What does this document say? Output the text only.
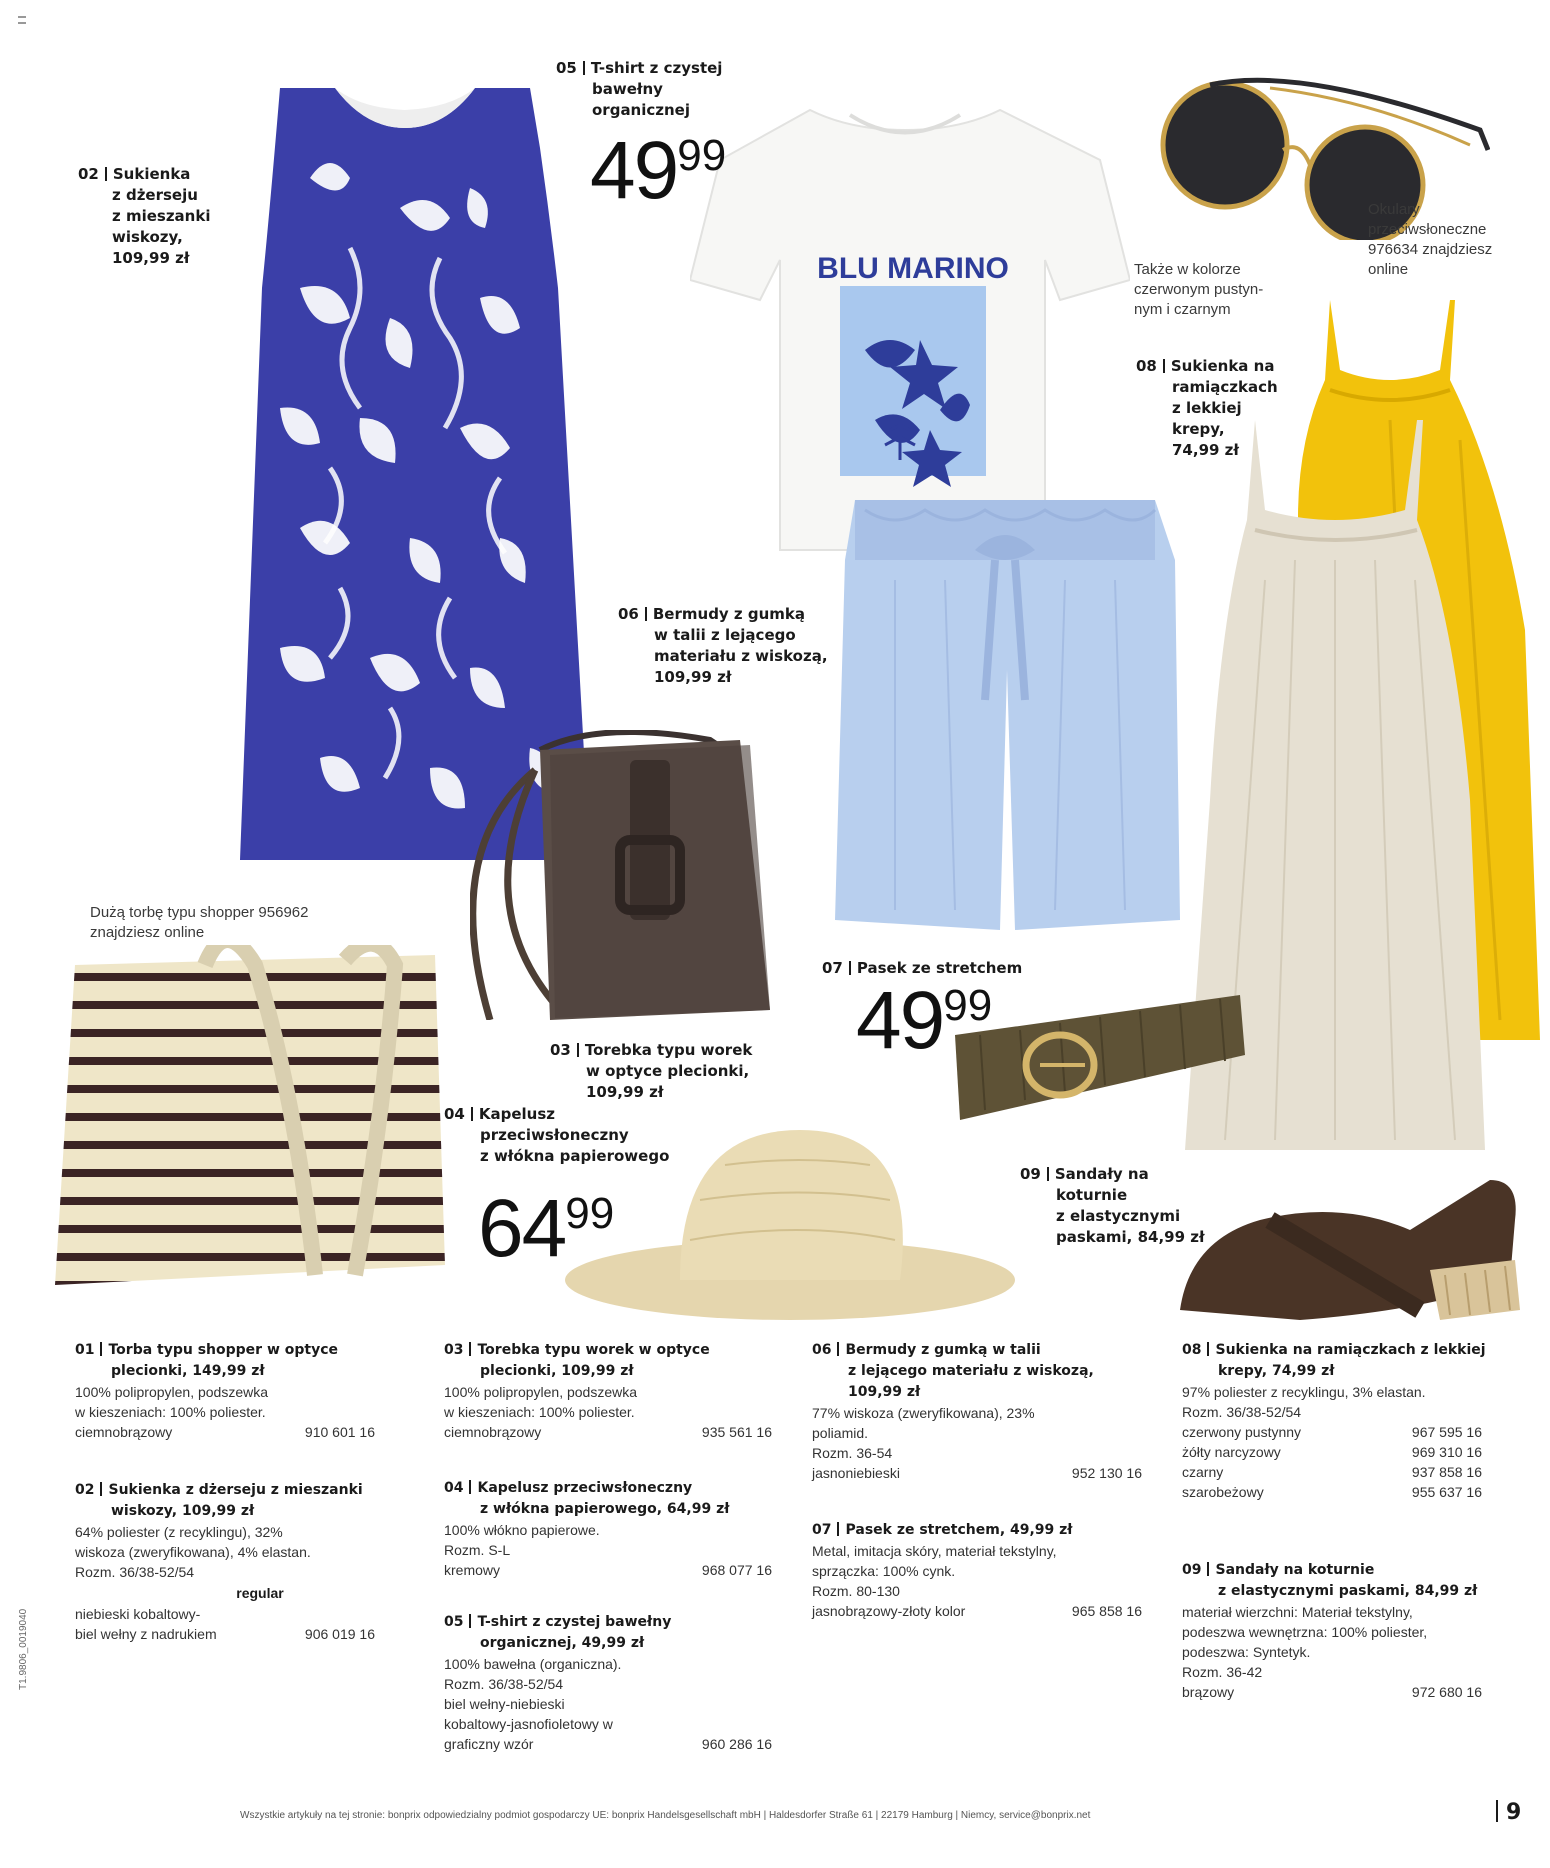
BLU MARINO
02 Sukienka
z dżerseju
z mieszanki
wiskozy,
109,99 zł
05 T-shirt z czystej
bawełny
organicznej
4999
Okulary
przeciwsłoneczne
976634 znajdziesz
online
Także w kolorze
czerwonym pustyn-
nym i czarnym
08 Sukienka na
ramiączkach
z lekkiej
krepy,
74,99 zł
06 Bermudy z gumką
w talii z lejącego
materiału z wiskozą,
109,99 zł
Dużą torbę typu shopper 956962
znajdziesz online
07 Pasek ze stretchem
4999
03 Torebka typu worek
w optyce plecionki,
109,99 zł
04 Kapelusz
przeciwsłoneczny
z włókna papierowego
6499
09 Sandały na
koturnie
z elastycznymi
paskami, 84,99 zł
01 Torba typu shopper w optyce
plecionki, 149,99 zł
100% polipropylen, podszewka
w kieszeniach: 100% poliester.
ciemnobrązowy	910 601 16
02 Sukienka z dżerseju z mieszanki
wiskozy, 109,99 zł
64% poliester (z recyklingu), 32%
wiskoza (zweryfikowana), 4% elastan.
Rozm. 36/38-52/54
regular
niebieski kobaltowy-
biel wełny z nadrukiem	906 019 16
03 Torebka typu worek w optyce
plecionki, 109,99 zł
100% polipropylen, podszewka
w kieszeniach: 100% poliester.
ciemnobrązowy	935 561 16
04 Kapelusz przeciwsłoneczny
z włókna papierowego, 64,99 zł
100% włókno papierowe.
Rozm. S-L
kremowy	968 077 16
05 T-shirt z czystej bawełny
organicznej, 49,99 zł
100% bawełna (organiczna).
Rozm. 36/38-52/54
biel wełny-niebieski
kobaltowy-jasnofioletowy w
graficzny wzór	960 286 16
06 Bermudy z gumką w talii
z lejącego materiału z wiskozą,
109,99 zł
77% wiskoza (zweryfikowana), 23%
poliamid.
Rozm. 36-54
jasnoniebieski	952 130 16
07 Pasek ze stretchem, 49,99 zł
Metal, imitacja skóry, materiał tekstylny,
sprzączka: 100% cynk.
Rozm. 80-130
jasnobrązowy-złoty kolor	965 858 16
08 Sukienka na ramiączkach z lekkiej
krepy, 74,99 zł
97% poliester z recyklingu, 3% elastan.
Rozm. 36/38-52/54
czerwony pustynny	967 595 16
żółty narcyzowy	969 310 16
czarny	937 858 16
szarobeżowy	955 637 16
09 Sandały na koturnie
z elastycznymi paskami, 84,99 zł
materiał wierzchni: Materiał tekstylny,
podeszwa wewnętrzna: 100% poliester,
podeszwa: Syntetyk.
Rozm. 36-42
brązowy	972 680 16
Wszystkie artykuły na tej stronie: bonprix odpowiedzialny podmiot gospodarczy UE: bonprix Handelsgesellschaft mbH | Haldesdorfer Straße 61 | 22179 Hamburg | Niemcy, service@bonprix.net	9
T1.9806_0019040
